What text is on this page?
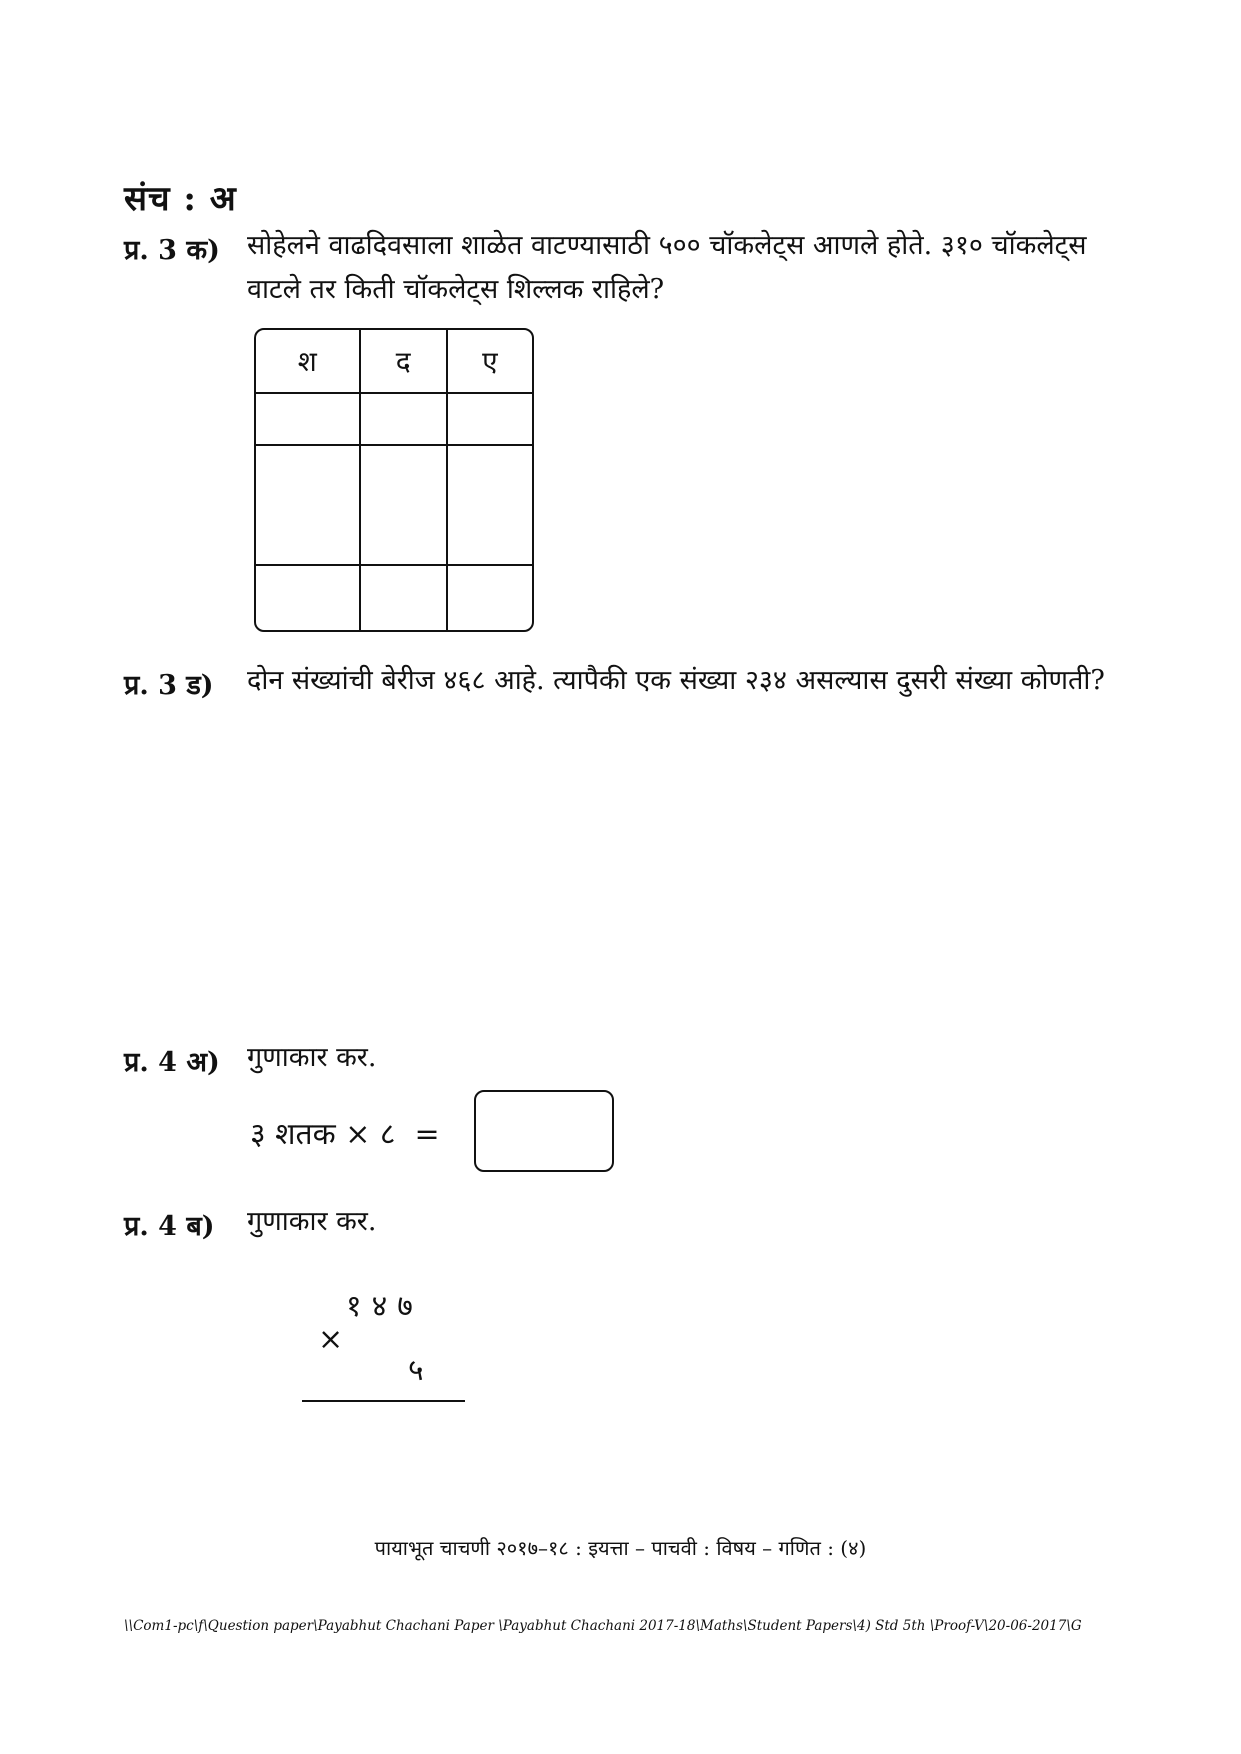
संच : अ
प्र. 3 क) सोहेलने वाढदिवसाला शाळेत वाटण्यासाठी ५०० चॉकलेट्स आणले होते. ३१० चॉकलेट्स
वाटले तर किती चॉकलेट्स शिल्लक राहिले?
श	द	ए

प्र. 3 ड) दोन संख्यांची बेरीज ४६८ आहे. त्यापैकी एक संख्या २३४ असल्यास दुसरी संख्या कोणती?
प्र. 4 अ) गुणाकार कर.
३ शतक × ८  =
प्र. 4 ब) गुणाकार कर.
१४७
×
५
पायाभूत चाचणी २०१७–१८ : इयत्ता – पाचवी : विषय – गणित : (४)
\\Com1-pc\f\Question paper\Payabhut Chachani Paper \Payabhut Chachani 2017-18\Maths\Student Papers\4) Std 5th \Proof-V\20-06-2017\G
